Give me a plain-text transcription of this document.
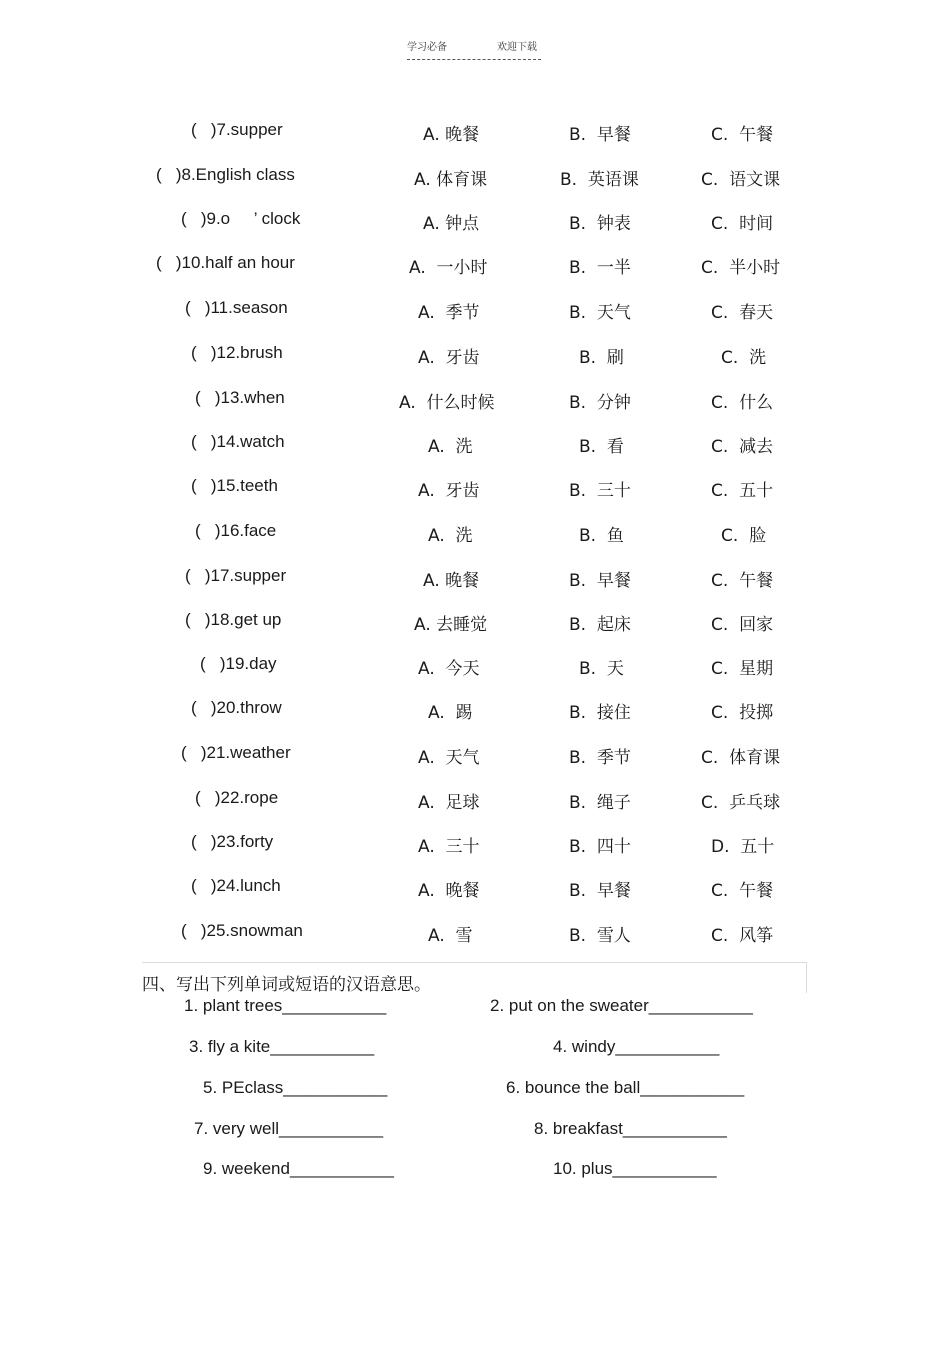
学习必备	欢迎下载
(   )7.supper	A. 晚餐	B.  早餐	C.  午餐
(   )8.English class	A. 体育课	B.  英语课	C.  语文课
(   )9.o     ’ clock	A. 钟点	B.  钟表	C.  时间
(   )10.half an hour	A.  一小时	B.  一半	C.  半小时
(   )11.season	A.  季节	B.  天气	C.  春天
(   )12.brush	A.  牙齿	B.  刷	C.  洗
(   )13.when	A.  什么时候	B.  分钟	C.  什么
(   )14.watch	A.  洗	B.  看	C.  减去
(   )15.teeth	A.  牙齿	B.  三十	C.  五十
(   )16.face	A.  洗	B.  鱼	C.  脸
(   )17.supper	A. 晚餐	B.  早餐	C.  午餐
(   )18.get up	A. 去睡觉	B.  起床	C.  回家
(   )19.day	A.  今天	B.  天	C.  星期
(   )20.throw	A.  踢	B.  接住	C.  投掷
(   )21.weather	A.  天气	B.  季节	C.  体育课
(   )22.rope	A.  足球	B.  绳子	C.  乒乓球
(   )23.forty	A.  三十	B.  四十	D.  五十
(   )24.lunch	A.  晚餐	B.  早餐	C.  午餐
(   )25.snowman	A.  雪	B.  雪人	C.  风筝
四、写出下列单词或短语的汉语意思。
1. plant trees___________	2. put on the sweater___________
3. fly a kite___________	4. windy___________
5. PEclass___________	6. bounce the ball___________
7. very well___________	8. breakfast___________
9. weekend___________	10. plus___________
